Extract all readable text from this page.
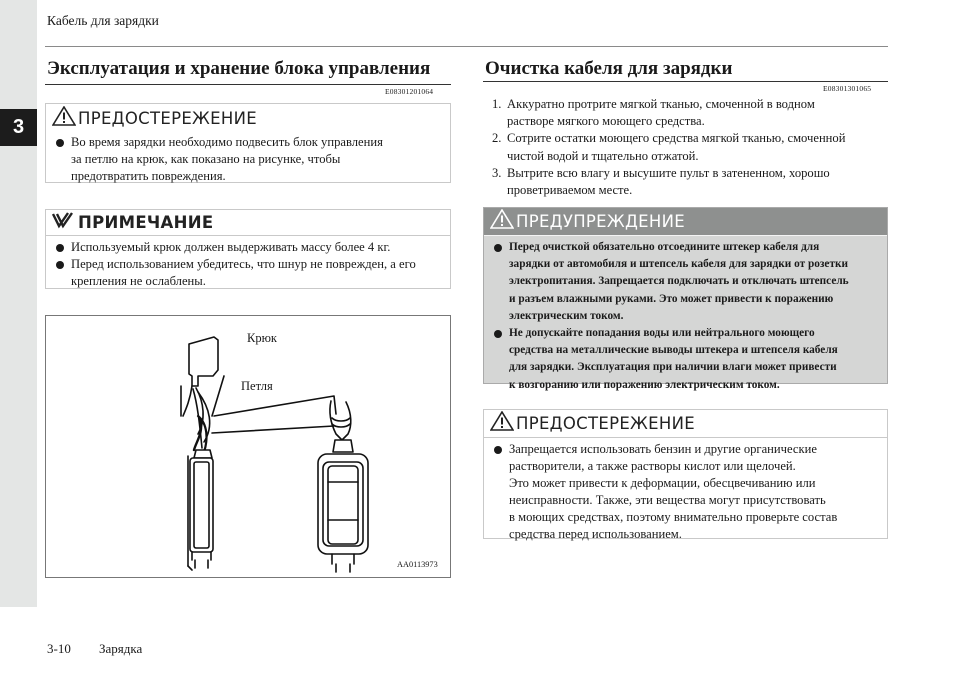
3
Кабель для зарядки
Эксплуатация и хранение блока управления
E08301201064
ПРЕДОСТЕРЕЖЕНИЕ
Во время зарядки необходимо подвесить блок управления
за петлю на крюк, как показано на рисунке, чтобы
предотвратить повреждения.
ПРИМЕЧАНИЕ
Используемый крюк должен выдерживать массу более 4 кг.
Перед использованием убедитесь, что шнур не поврежден, а его
крепления не ослаблены.
Крюк
Петля
AA0113973
Очистка кабеля для зарядки
E08301301065
1. Аккуратно протрите мягкой тканью, смоченной в водном
растворе мягкого моющего средства.
2. Сотрите остатки моющего средства мягкой тканью, смоченной
чистой водой и тщательно отжатой.
3. Вытрите всю влагу и высушите пульт в затененном, хорошо
проветриваемом месте.
ПРЕДУПРЕЖДЕНИЕ
Перед очисткой обязательно отсоедините штекер кабеля для
зарядки от автомобиля и штепсель кабеля для зарядки от розетки
электропитания. Запрещается подключать и отключать штепсель
и разъем влажными руками. Это может привести к поражению
электрическим током.
Не допускайте попадания воды или нейтрального моющего
средства на металлические выводы штекера и штепселя кабеля
для зарядки. Эксплуатация при наличии влаги может привести
к возгоранию или поражению электрическим током.
ПРЕДОСТЕРЕЖЕНИЕ
Запрещается использовать бензин и другие органические
растворители, а также растворы кислот или щелочей.
Это может привести к деформации, обесцвечиванию или
неисправности. Также, эти вещества могут присутствовать
в моющих средствах, поэтому внимательно проверьте состав
средства перед использованием.
3-10 Зарядка
